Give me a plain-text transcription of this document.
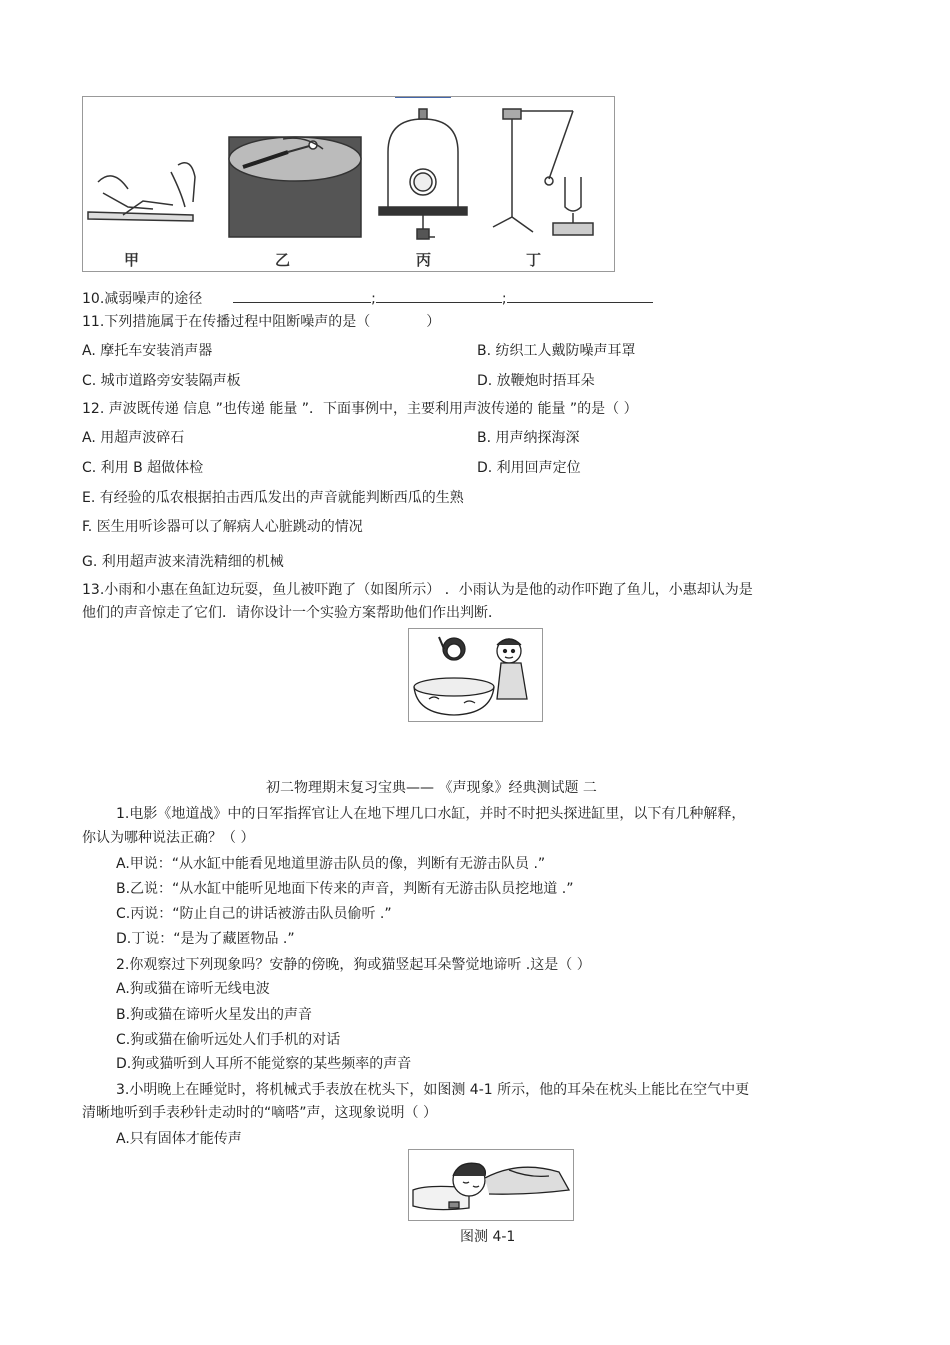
甲	乙	丙	丁
10.减弱噪声的途径	;	;
11.下列措施属于在传播过程中阻断噪声的是（　　　　）
A. 摩托车安装消声器	B. 纺织工人戴防噪声耳罩
C. 城市道路旁安装隔声板	D. 放鞭炮时捂耳朵
12. 声波既传递 信息 ”也传递 能量 ”．下面事例中，主要利用声波传递的 能量 ”的是（ ）
A. 用超声波碎石	B. 用声纳探海深
C. 利用 B 超做体检	D. 利用回声定位
E. 有经验的瓜农根据拍击西瓜发出的声音就能判断西瓜的生熟
F. 医生用听诊器可以了解病人心脏跳动的情况
G. 利用超声波来清洗精细的机械
13.小雨和小惠在鱼缸边玩耍，鱼儿被吓跑了（如图所示） ．小雨认为是他的动作吓跑了鱼儿，小惠却认为是
他们的声音惊走了它们．请你设计一个实验方案帮助他们作出判断．
初二物理期末复习宝典—— 《声现象》经典测试题 二
1.电影《地道战》中的日军指挥官让人在地下埋几口水缸，并时不时把头探进缸里，以下有几种解释，
你认为哪种说法正确？（ ）
A.甲说：“从水缸中能看见地道里游击队员的像，判断有无游击队员 .”
B.乙说：“从水缸中能听见地面下传来的声音，判断有无游击队员挖地道 .”
C.丙说：“防止自己的讲话被游击队员偷听 .”
D.丁说：“是为了藏匿物品 .”
2.你观察过下列现象吗？安静的傍晚，狗或猫竖起耳朵警觉地谛听 .这是（ ）
A.狗或猫在谛听无线电波
B.狗或猫在谛听火星发出的声音
C.狗或猫在偷听远处人们手机的对话
D.狗或猫听到人耳所不能觉察的某些频率的声音
3.小明晚上在睡觉时，将机械式手表放在枕头下，如图测 4-1 所示，他的耳朵在枕头上能比在空气中更
清晰地听到手表秒针走动时的“嘀嗒”声，这现象说明（ ）
A.只有固体才能传声
图测 4-1
